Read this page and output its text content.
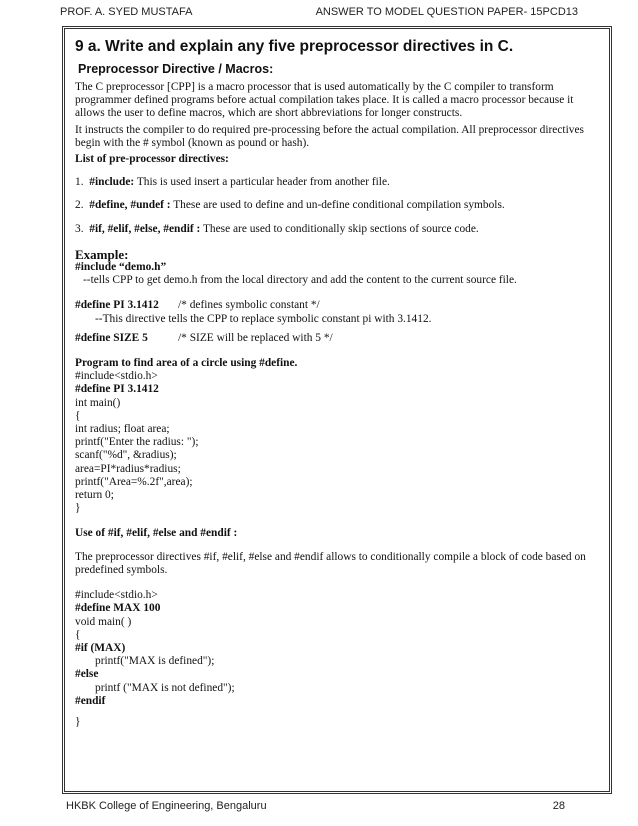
PROF. A. SYED MUSTAFA	ANSWER TO MODEL QUESTION PAPER- 15PCD13
9 a. Write and explain any five preprocessor directives in C.
Preprocessor Directive / Macros:

The C preprocessor [CPP] is a macro processor that is used automatically by the C compiler to transform programmer defined programs before actual compilation takes place. It is called a macro processor because it allows the user to define macros, which are short abbreviations for longer constructs.

It instructs the compiler to do required pre-processing before the actual compilation. All preprocessor directives begin with the # symbol (known as pound or hash).

List of pre-processor directives:

1. #include: This is used insert a particular header from another file.

2. #define, #undef : These are used to define and un-define conditional compilation symbols.

3. #if, #elif, #else, #endif : These are used to conditionally skip sections of source code.

Example:

#include “demo.h”

--tells CPP to get demo.h from the local directory and add the content to the current source file.

#define PI 3.1412 /* defines symbolic constant */

--This directive tells the CPP to replace symbolic constant pi with 3.1412.

#define SIZE 5	/* SIZE will be replaced with 5 */

Program to find area of a circle using #define.

#include<stdio.h>
#define PI 3.1412
int main()
{
int radius; float area;
printf("Enter the radius: ");
scanf("%d", &radius);
area=PI*radius*radius;
printf("Area=%.2f",area);
return 0;
}

Use of #if, #elif, #else and #endif :

The preprocessor directives #if, #elif, #else and #endif allows to conditionally compile a block of code based on predefined symbols.

#include<stdio.h>
#define MAX 100
void main( )
{
#if (MAX)
printf("MAX is defined");
#else
printf ("MAX is not defined");
#endif
}
HKBK College of Engineering, Bengaluru	28
